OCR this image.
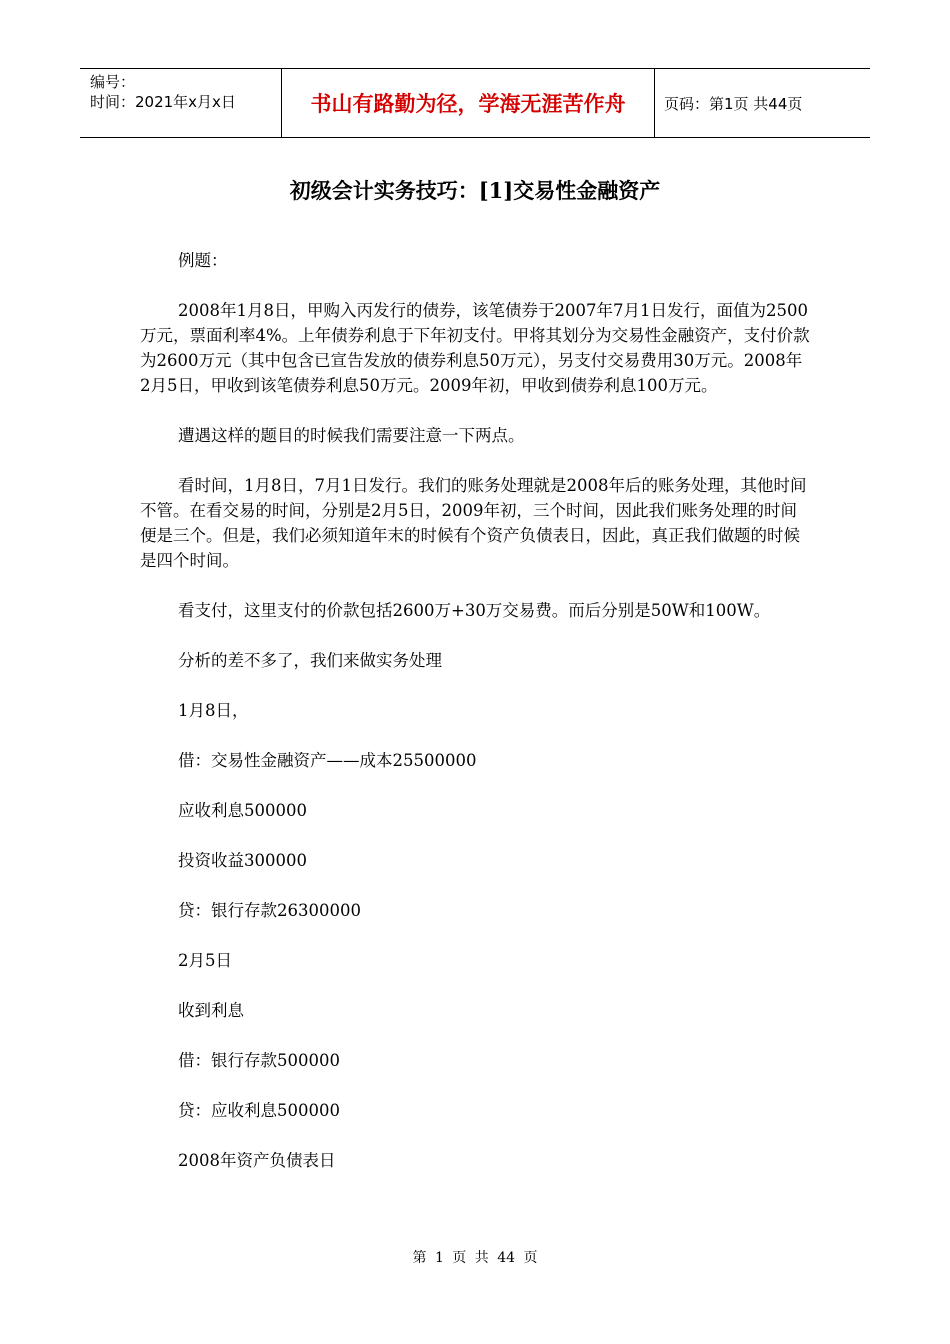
编号：
时间：2021年x月x日	书山有路勤为径，学海无涯苦作舟	页码：第1页 共44页
初级会计实务技巧：[1]交易性金融资产

例题：

2008年1月8日，甲购入丙发行的债券，该笔债券于2007年7月1日发行，面值为2500万元，票面利率4%。上年债券利息于下年初支付。甲将其划分为交易性金融资产，支付价款为2600万元（其中包含已宣告发放的债券利息50万元），另支付交易费用30万元。2008年2月5日，甲收到该笔债券利息50万元。2009年初，甲收到债券利息100万元。

遭遇这样的题目的时候我们需要注意一下两点。

看时间，1月8日，7月1日发行。我们的账务处理就是2008年后的账务处理，其他时间不管。在看交易的时间，分别是2月5日，2009年初，三个时间，因此我们账务处理的时间便是三个。但是，我们必须知道年末的时候有个资产负债表日，因此，真正我们做题的时候是四个时间。

看支付，这里支付的价款包括2600万+30万交易费。而后分别是50W和100W。

分析的差不多了，我们来做实务处理

1月8日，

借：交易性金融资产——成本25500000

应收利息500000

投资收益300000

贷：银行存款26300000

2月5日

收到利息

借：银行存款500000

贷：应收利息500000

2008年资产负债表日

第 1 页 共 44 页
